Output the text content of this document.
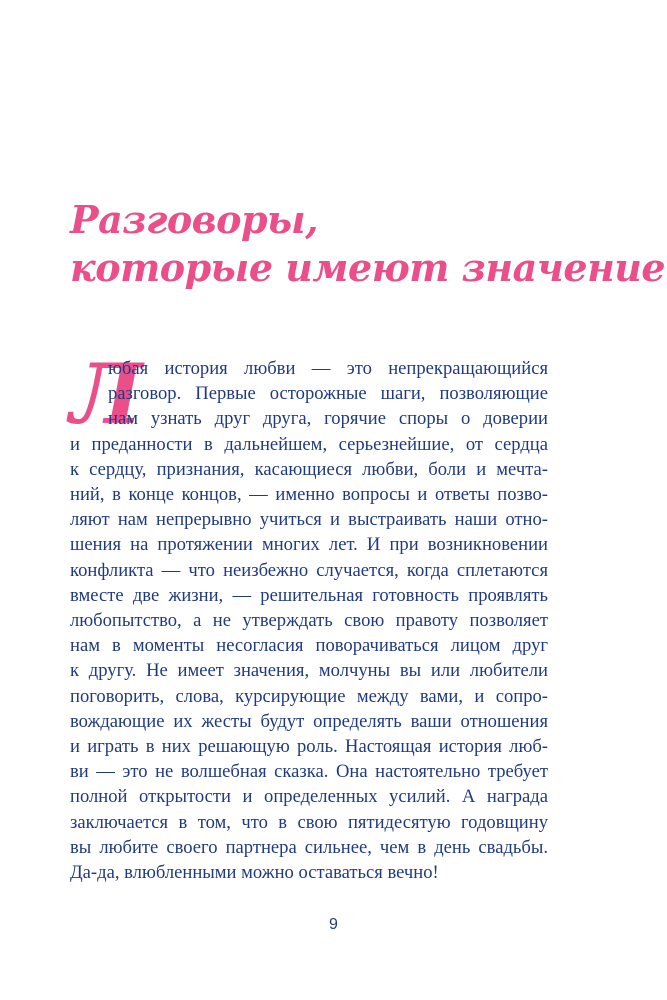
Разговоры,
которые имеют значение
Л
юбая история любви — это непрекращающийся
разговор. Первые осторожные шаги, позволяющие
нам узнать друг друга, горячие споры о доверии
и преданности в дальнейшем, серьезнейшие, от сердца
к сердцу, признания, касающиеся любви, боли и мечта-
ний, в конце концов, — именно вопросы и ответы позво-
ляют нам непрерывно учиться и выстраивать наши отно-
шения на протяжении многих лет. И при возникновении
конфликта — что неизбежно случается, когда сплетаются
вместе две жизни, — решительная готовность проявлять
любопытство, а не утверждать свою правоту позволяет
нам в моменты несогласия поворачиваться лицом друг
к другу. Не имеет значения, молчуны вы или любители
поговорить, слова, курсирующие между вами, и сопро-
вождающие их жесты будут определять ваши отношения
и играть в них решающую роль. Настоящая история люб-
ви — это не волшебная сказка. Она настоятельно требует
полной открытости и определенных усилий. А награда
заключается в том, что в свою пятидесятую годовщину
вы любите своего партнера сильнее, чем в день свадьбы.
Да-да, влюбленными можно оставаться вечно!
9
